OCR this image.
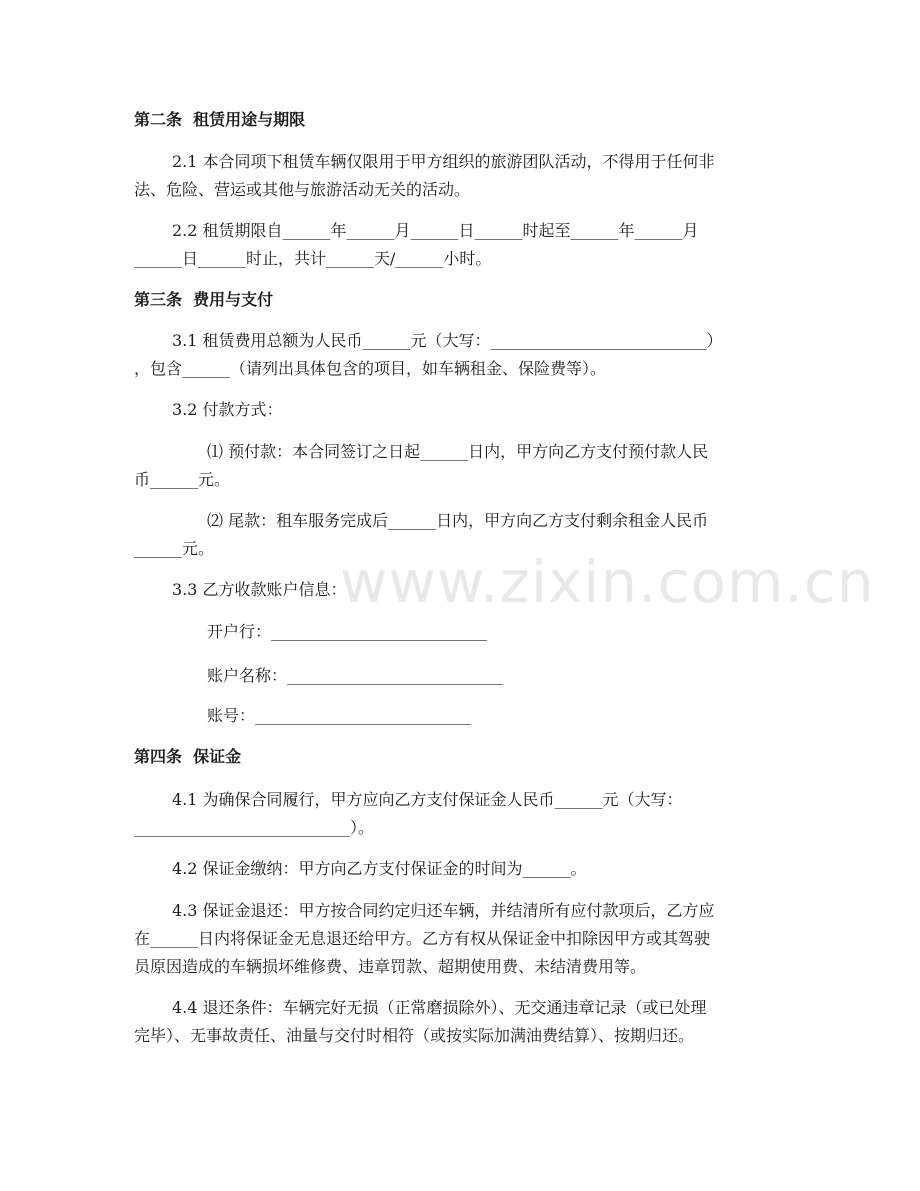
www.zixin.com.cn
第二条  租赁用途与期限
2.1 本合同项下租赁车辆仅限用于甲方组织的旅游团队活动，不得用于任何非
法、危险、营运或其他与旅游活动无关的活动。
2.2 租赁期限自______年______月______日______时起至______年______月
______日______时止，共计______天/______小时。
第三条  费用与支付
3.1 租赁费用总额为人民币______元（大写：___________________________）
，包含______（请列出具体包含的项目，如车辆租金、保险费等）。
3.2 付款方式：
⑴ 预付款：本合同签订之日起______日内，甲方向乙方支付预付款人民
币______元。
⑵ 尾款：租车服务完成后______日内，甲方向乙方支付剩余租金人民币
______元。
3.3 乙方收款账户信息：
开户行：___________________________
账户名称：___________________________
账号：___________________________
第四条  保证金
4.1 为确保合同履行，甲方应向乙方支付保证金人民币______元（大写：
___________________________）。
4.2 保证金缴纳：甲方向乙方支付保证金的时间为______。
4.3 保证金退还：甲方按合同约定归还车辆，并结清所有应付款项后，乙方应
在______日内将保证金无息退还给甲方。乙方有权从保证金中扣除因甲方或其驾驶
员原因造成的车辆损坏维修费、违章罚款、超期使用费、未结清费用等。
4.4 退还条件：车辆完好无损（正常磨损除外）、无交通违章记录（或已处理
完毕）、无事故责任、油量与交付时相符（或按实际加满油费结算）、按期归还。
